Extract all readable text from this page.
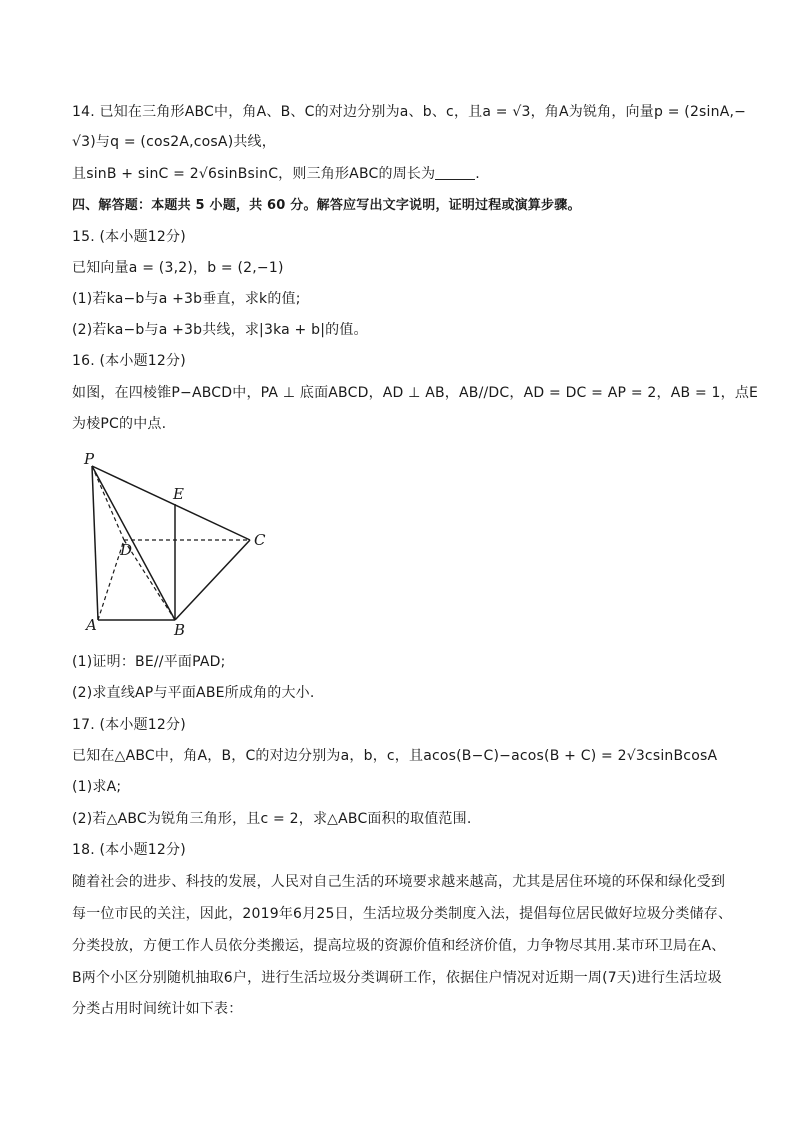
14. 已知在三角形ABC中，角A、B、C的对边分别为a、b、c，且a = √3，角A为锐角，向量p = (2sinA,−
√3)与q = (cos2A,cosA)共线，
且sinB + sinC = 2√6sinBsinC，则三角形ABC的周长为	.
四、解答题：本题共 5 小题，共 60 分。解答应写出文字说明，证明过程或演算步骤。
15. (本小题12分)
已知向量a = (3,2)，b = (2,−1)
(1)若ka−b与a +3b垂直，求k的值;
(2)若ka−b与a +3b共线，求|3ka + b|的值。
16. (本小题12分)
如图，在四棱锥P−ABCD中，PA ⊥ 底面ABCD，AD ⊥ AB，AB//DC，AD = DC = AP = 2，AB = 1，点E
为棱PC的中点.
P
E
D
C
A	B
(1)证明：BE//平面PAD;
(2)求直线AP与平面ABE所成角的大小.
17. (本小题12分)
已知在△ABC中，角A，B，C的对边分别为a，b，c，且acos(B−C)−acos(B + C) = 2√3csinBcosA
(1)求A;
(2)若△ABC为锐角三角形，且c = 2，求△ABC面积的取值范围.
18. (本小题12分)
随着社会的进步、科技的发展，人民对自己生活的环境要求越来越高，尤其是居住环境的环保和绿化受到
每一位市民的关注，因此，2019年6月25日，生活垃圾分类制度入法，提倡每位居民做好垃圾分类储存、
分类投放，方便工作人员依分类搬运，提高垃圾的资源价值和经济价值，力争物尽其用.某市环卫局在A、
B两个小区分别随机抽取6户，进行生活垃圾分类调研工作，依据住户情况对近期一周(7天)进行生活垃圾
分类占用时间统计如下表：
